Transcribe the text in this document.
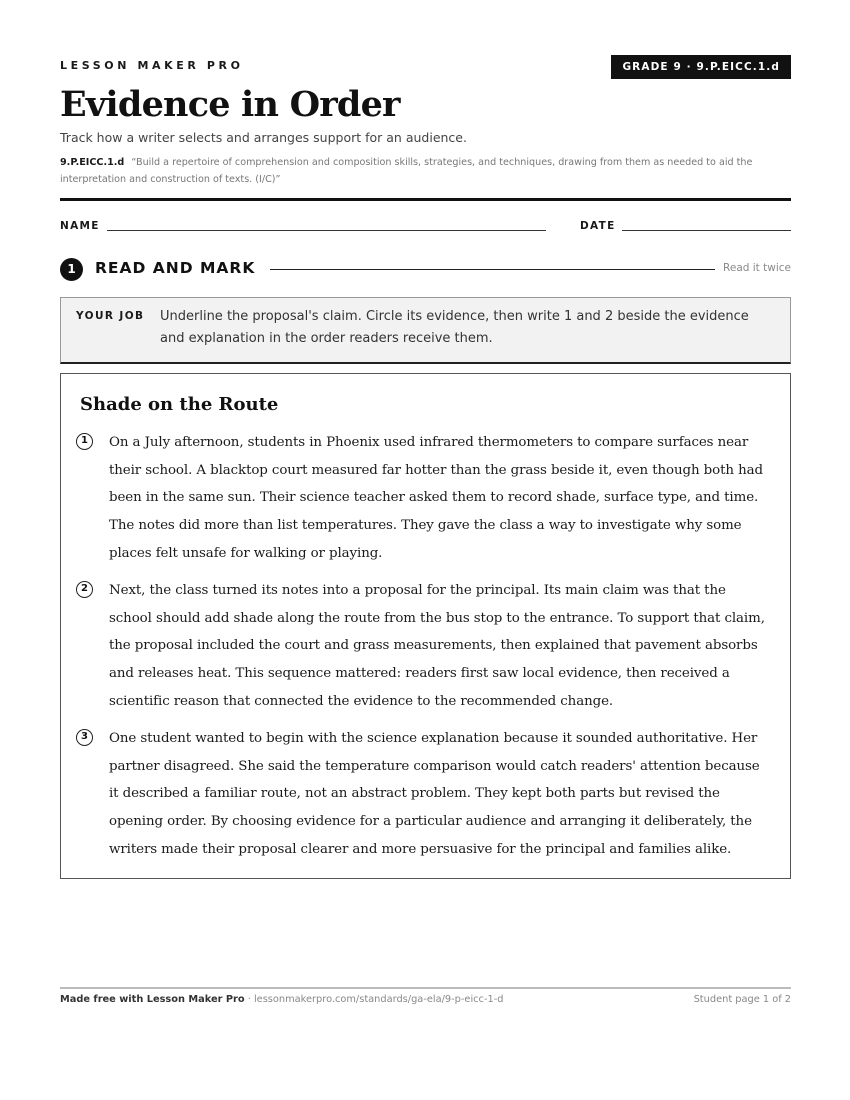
LESSON MAKER PRO	GRADE 9 · 9.P.EICC.1.d
Evidence in Order
Track how a writer selects and arranges support for an audience.
9.P.EICC.1.d “Build a repertoire of comprehension and composition skills, strategies, and techniques, drawing from them as needed to aid the interpretation and construction of texts. (I/C)”
NAME	DATE
1	READ AND MARK	Read it twice
YOUR JOB Underline the proposal's claim. Circle its evidence, then write 1 and 2 beside the evidence and explanation in the order readers receive them.
Shade on the Route
1	On a July afternoon, students in Phoenix used infrared thermometers to compare surfaces near their school. A blacktop court measured far hotter than the grass beside it, even though both had been in the same sun. Their science teacher asked them to record shade, surface type, and time. The notes did more than list temperatures. They gave the class a way to investigate why some places felt unsafe for walking or playing.

2	Next, the class turned its notes into a proposal for the principal. Its main claim was that the school should add shade along the route from the bus stop to the entrance. To support that claim, the proposal included the court and grass measurements, then explained that pavement absorbs and releases heat. This sequence mattered: readers first saw local evidence, then received a scientific reason that connected the evidence to the recommended change.

3	One student wanted to begin with the science explanation because it sounded authoritative. Her partner disagreed. She said the temperature comparison would catch readers' attention because it described a familiar route, not an abstract problem. They kept both parts but revised the opening order. By choosing evidence for a particular audience and arranging it deliberately, the writers made their proposal clearer and more persuasive for the principal and families alike.

Made free with Lesson Maker Pro · lessonmakerpro.com/standards/ga-ela/9-p-eicc-1-d	Student page 1 of 2
